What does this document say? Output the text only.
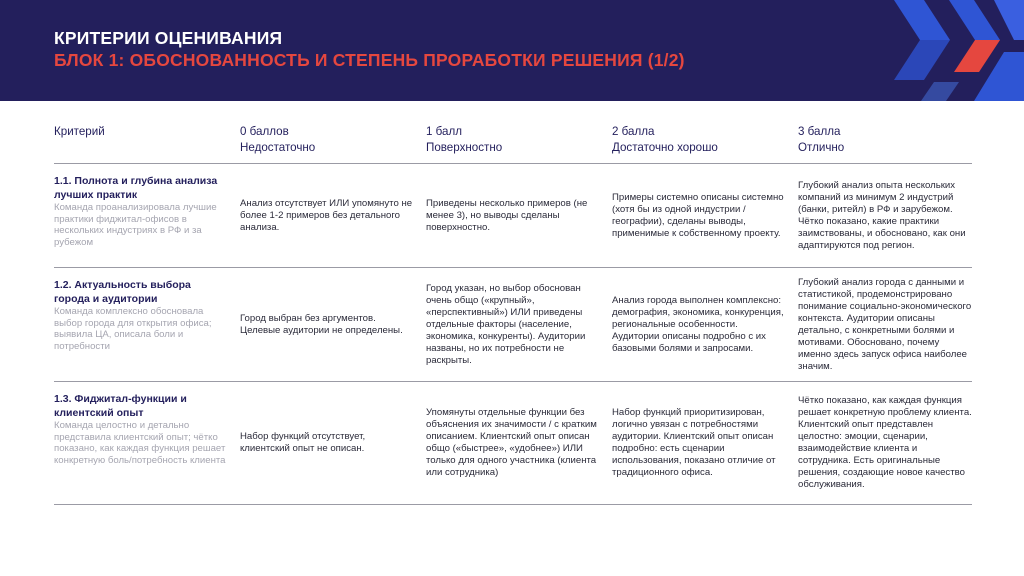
КРИТЕРИИ ОЦЕНИВАНИЯ
БЛОК 1: ОБОСНОВАННОСТЬ И СТЕПЕНЬ ПРОРАБОТКИ РЕШЕНИЯ (1/2)
Критерий	0 баллов
Недостаточно
1 балл
Поверхностно
2 балла
Достаточно хорошо
3 балла
Отлично
1.1. Полнота и глубина анализа лучших практик
Команда проанализировала лучшие практики фиджитал-офисов в нескольких индустриях в РФ и за рубежом
Анализ отсутствует ИЛИ упомянуто не более 1-2 примеров без детального анализа.
Приведены несколько примеров (не менее 3), но выводы сделаны поверхностно.
Примеры системно описаны системно (хотя бы из одной индустрии / географии), сделаны выводы, применимые к собственному проекту.
Глубокий анализ опыта нескольких компаний из минимум 2 индустрий (банки, ритейл) в РФ и зарубежом. Чётко показано, какие практики заимствованы, и обосновано, как они адаптируются под регион.
1.2. Актуальность выбора города и аудитории
Команда комплексно обосновала выбор города для открытия офиса; выявила ЦА, описала боли и потребности
Город выбран без аргументов. Целевые аудитории не определены.
Город указан, но выбор обоснован очень общо («крупный», «перспективный») ИЛИ приведены отдельные факторы (население, экономика, конкуренты). Аудитории названы, но их потребности не раскрыты.
Анализ города выполнен комплексно: демография, экономика, конкуренция, региональные особенности. Аудитории описаны подробно с их базовыми болями и запросами.
Глубокий анализ города с данными и статистикой, продемонстрировано понимание социально-экономического контекста. Аудитории описаны детально, с конкретными болями и мотивами. Обосновано, почему именно здесь запуск офиса наиболее значим.
1.3. Фиджитал-функции и клиентский опыт
Команда целостно и детально представила клиентский опыт; чётко показано, как каждая функция решает конкретную боль/потребность клиента
Набор функций отсутствует, клиентский опыт не описан.
Упомянуты отдельные функции без объяснения их значимости / с кратким описанием. Клиентский опыт описан общо («быстрее», «удобнее») ИЛИ только для одного участника (клиента или сотрудника)
Набор функций приоритизирован, логично увязан с потребностями аудитории. Клиентский опыт описан подробно: есть сценарии использования, показано отличие от традиционного офиса.
Чётко показано, как каждая функция решает конкретную проблему клиента. Клиентский опыт представлен целостно: эмоции, сценарии, взаимодействие клиента и сотрудника. Есть оригинальные решения, создающие новое качество обслуживания.
